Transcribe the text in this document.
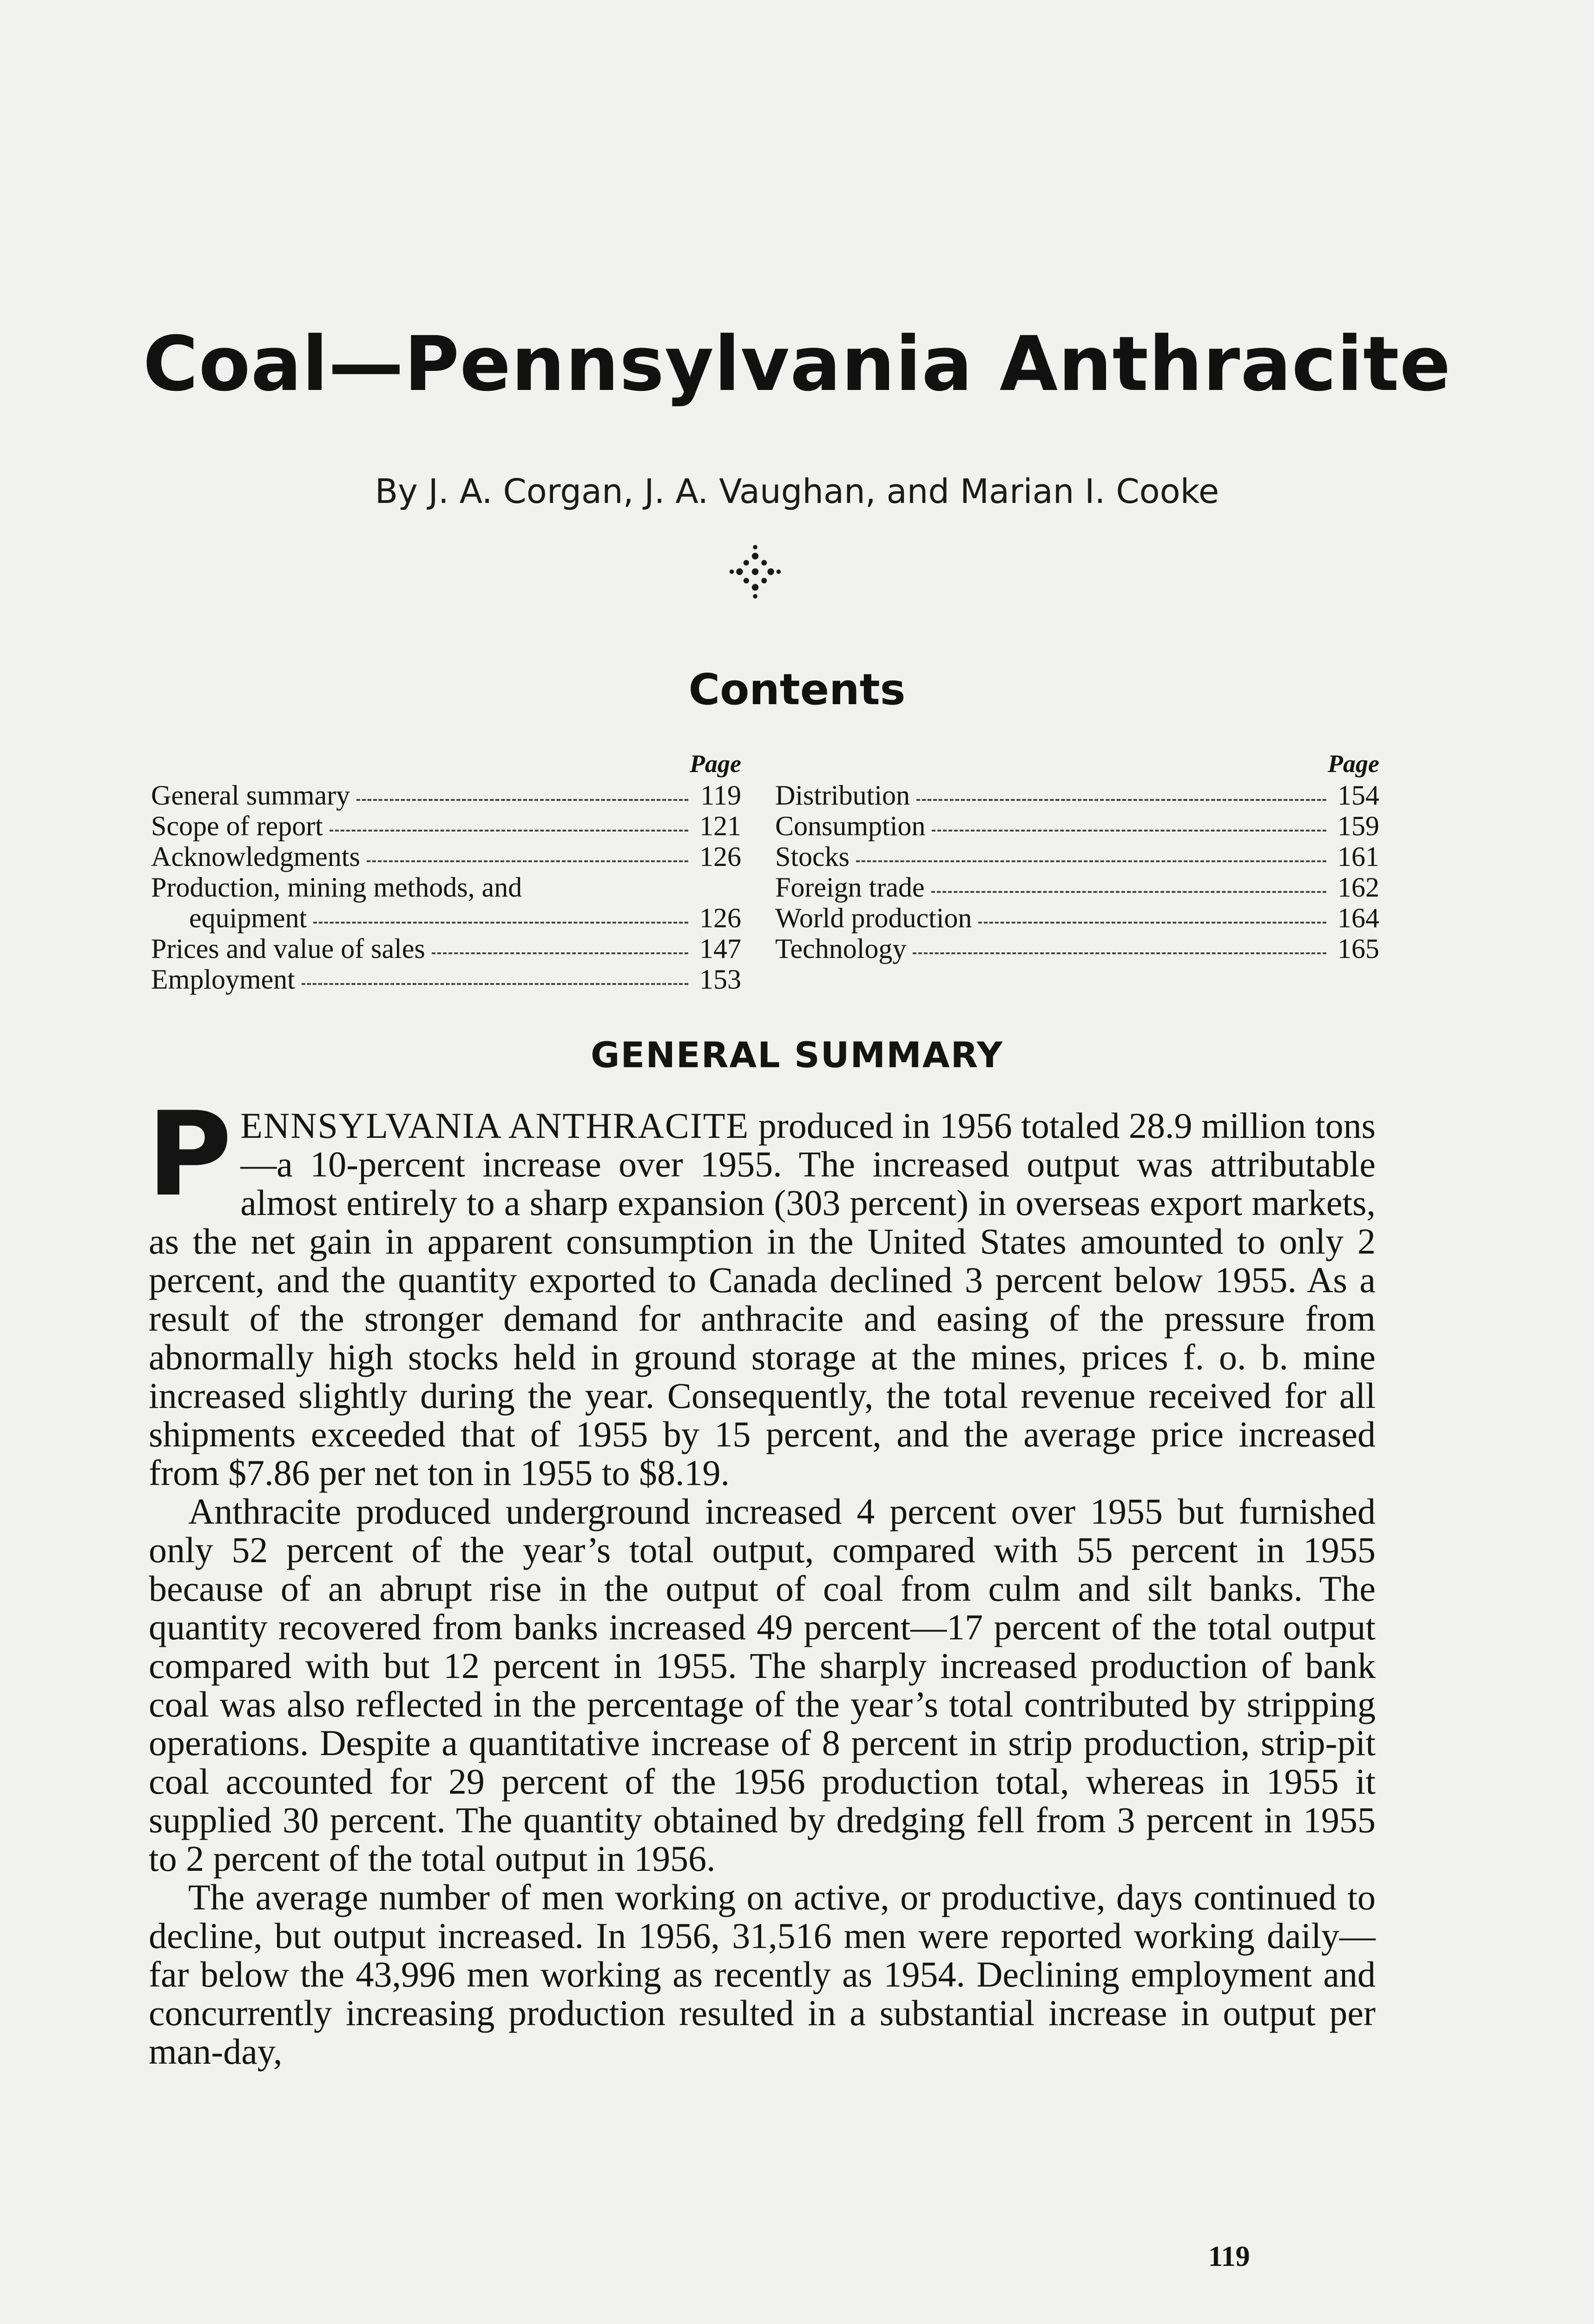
Coal—Pennsylvania Anthracite
By J. A. Corgan, J. A. Vaughan, and Marian I. Cooke
Contents
Page
General summary	119
Scope of report	121
Acknowledgments	126
Production, mining methods, and
equipment	126
Prices and value of sales	147
Employment	153
Page
Distribution	154
Consumption	159
Stocks	161
Foreign trade	162
World production	164
Technology	165
GENERAL SUMMARY

PENNSYLVANIA ANTHRACITE produced in 1956 totaled 28.9 million tons—a 10-percent increase over 1955. The increased output was attributable almost entirely to a sharp expansion (303 percent) in overseas export markets, as the net gain in apparent consumption in the United States amounted to only 2 percent, and the quantity exported to Canada declined 3 percent below 1955. As a result of the stronger demand for anthracite and easing of the pressure from abnormally high stocks held in ground storage at the mines, prices f. o. b. mine increased slightly during the year. Consequently, the total revenue received for all shipments exceeded that of 1955 by 15 percent, and the average price increased from $7.86 per net ton in 1955 to $8.19.

Anthracite produced underground increased 4 percent over 1955 but furnished only 52 percent of the year’s total output, compared with 55 percent in 1955 because of an abrupt rise in the output of coal from culm and silt banks. The quantity recovered from banks increased 49 percent—17 percent of the total output compared with but 12 percent in 1955. The sharply increased production of bank coal was also reflected in the percentage of the year’s total contributed by stripping operations. Despite a quantitative increase of 8 percent in strip production, strip-pit coal accounted for 29 percent of the 1956 production total, whereas in 1955 it supplied 30 percent. The quantity obtained by dredging fell from 3 percent in 1955 to 2 percent of the total output in 1956.

The average number of men working on active, or productive, days continued to decline, but output increased. In 1956, 31,516 men were reported working daily—far below the 43,996 men working as recently as 1954. Declining employment and concurrently increasing production resulted in a substantial increase in output per man-day,

119
